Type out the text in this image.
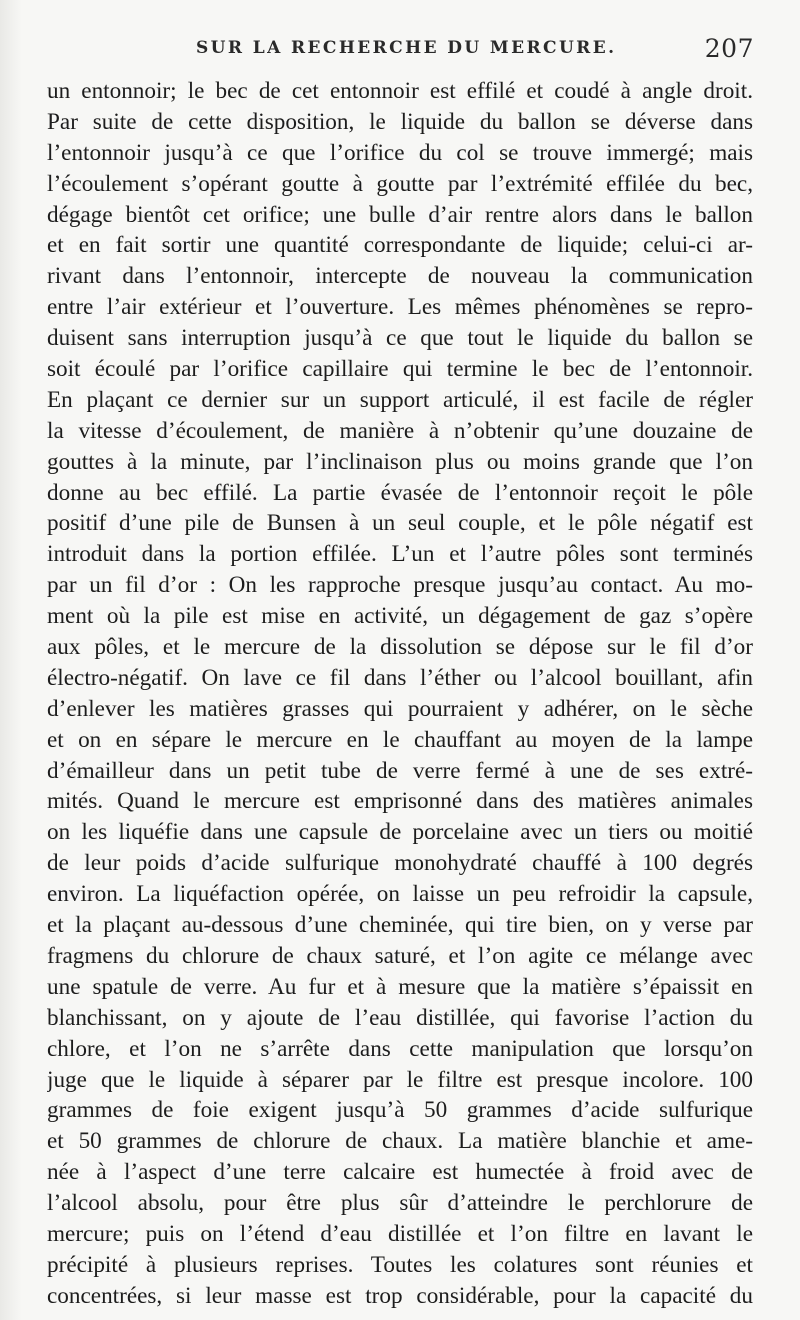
SUR LA RECHERCHE DU MERCURE.	207
un entonnoir; le bec de cet entonnoir est effilé et coudé à angle droit.
Par suite de cette disposition, le liquide du ballon se déverse dans
l’entonnoir jusqu’à ce que l’orifice du col se trouve immergé; mais
l’écoulement s’opérant goutte à goutte par l’extrémité effilée du bec,
dégage bientôt cet orifice; une bulle d’air rentre alors dans le ballon
et en fait sortir une quantité correspondante de liquide; celui-ci ar-
rivant dans l’entonnoir, intercepte de nouveau la communication
entre l’air extérieur et l’ouverture. Les mêmes phénomènes se repro-
duisent sans interruption jusqu’à ce que tout le liquide du ballon se
soit écoulé par l’orifice capillaire qui termine le bec de l’entonnoir.
En plaçant ce dernier sur un support articulé, il est facile de régler
la vitesse d’écoulement, de manière à n’obtenir qu’une douzaine de
gouttes à la minute, par l’inclinaison plus ou moins grande que l’on
donne au bec effilé. La partie évasée de l’entonnoir reçoit le pôle
positif d’une pile de Bunsen à un seul couple, et le pôle négatif est
introduit dans la portion effilée. L’un et l’autre pôles sont terminés
par un fil d’or : On les rapproche presque jusqu’au contact. Au mo-
ment où la pile est mise en activité, un dégagement de gaz s’opère
aux pôles, et le mercure de la dissolution se dépose sur le fil d’or
électro-négatif. On lave ce fil dans l’éther ou l’alcool bouillant, afin
d’enlever les matières grasses qui pourraient y adhérer, on le sèche
et on en sépare le mercure en le chauffant au moyen de la lampe
d’émailleur dans un petit tube de verre fermé à une de ses extré-
mités. Quand le mercure est emprisonné dans des matières animales
on les liquéfie dans une capsule de porcelaine avec un tiers ou moitié
de leur poids d’acide sulfurique monohydraté chauffé à 100 degrés
environ. La liquéfaction opérée, on laisse un peu refroidir la capsule,
et la plaçant au-dessous d’une cheminée, qui tire bien, on y verse par
fragmens du chlorure de chaux saturé, et l’on agite ce mélange avec
une spatule de verre. Au fur et à mesure que la matière s’épaissit en
blanchissant, on y ajoute de l’eau distillée, qui favorise l’action du
chlore, et l’on ne s’arrête dans cette manipulation que lorsqu’on
juge que le liquide à séparer par le filtre est presque incolore. 100
grammes de foie exigent jusqu’à 50 grammes d’acide sulfurique
et 50 grammes de chlorure de chaux. La matière blanchie et ame-
née à l’aspect d’une terre calcaire est humectée à froid avec de
l’alcool absolu, pour être plus sûr d’atteindre le perchlorure de
mercure; puis on l’étend d’eau distillée et l’on filtre en lavant le
précipité à plusieurs reprises. Toutes les colatures sont réunies et
concentrées, si leur masse est trop considérable, pour la capacité du
